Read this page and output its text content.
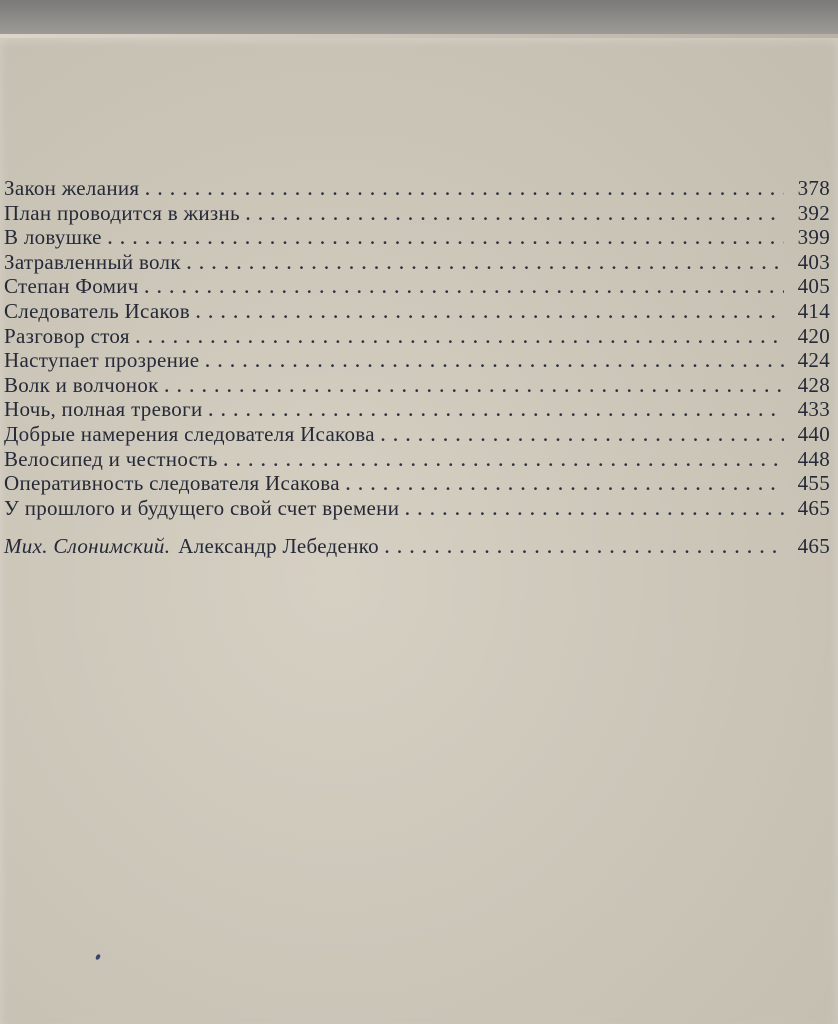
Закон желания . . .	378
План проводится в жизнь . . .	392
В ловушке . . .	399
Затравленный волк . . .	403
Степан Фомич . . .	405
Следователь Исаков . . .	414
Разговор стоя . . .	420
Наступает прозрение . . .	424
Волк и волчонок . . .	428
Ночь, полная тревоги . . .	433
Добрые намерения следователя Исакова . . .	440
Велосипед и честность . . .	448
Оперативность следователя Исакова . . .	455
У прошлого и будущего свой счет времени . . .	465
Мих. Слонимский. Александр Лебеденко . . .	465
